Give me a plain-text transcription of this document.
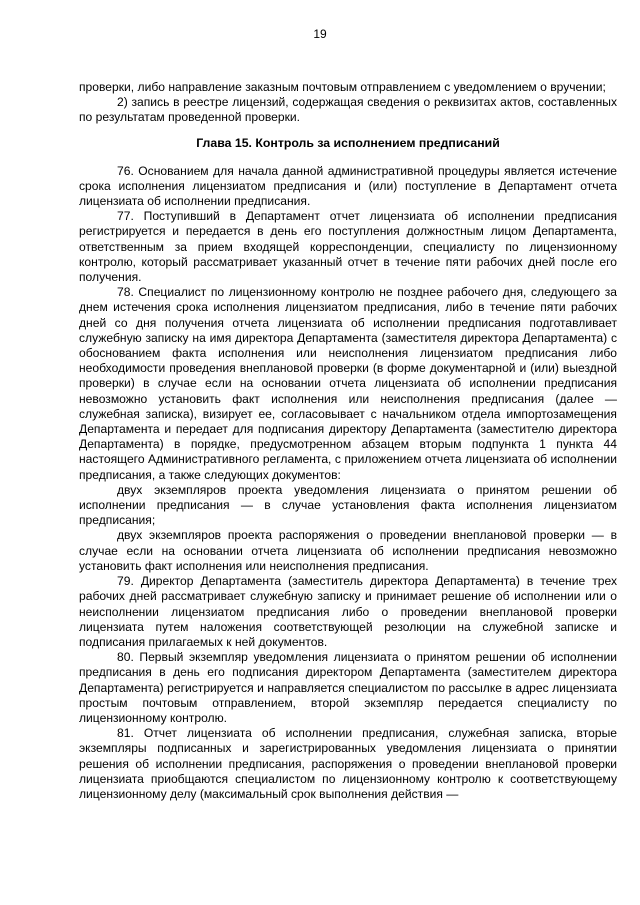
19

проверки, либо направление заказным почтовым отправлением с уведомлением о вручении;

2) запись в реестре лицензий, содержащая сведения о реквизитах актов, составленных по результатам проведенной проверки.

Глава 15. Контроль за исполнением предписаний

76. Основанием для начала данной административной процедуры является истечение срока исполнения лицензиатом предписания и (или) поступление в Департамент отчета лицензиата об исполнении предписания.

77. Поступивший в Департамент отчет лицензиата об исполнении предписания регистрируется и передается в день его поступления должностным лицом Департамента, ответственным за прием входящей корреспонденции, специалисту по лицензионному контролю, который рассматривает указанный отчет в течение пяти рабочих дней после его получения.

78. Специалист по лицензионному контролю не позднее рабочего дня, следующего за днем истечения срока исполнения лицензиатом предписания, либо в течение пяти рабочих дней со дня получения отчета лицензиата об исполнении предписания подготавливает служебную записку на имя директора Департамента (заместителя директора Департамента) с обоснованием факта исполнения или неисполнения лицензиатом предписания либо необходимости проведения внеплановой проверки (в форме документарной и (или) выездной проверки) в случае если на основании отчета лицензиата об исполнении предписания невозможно установить факт исполнения или неисполнения предписания (далее — служебная записка), визирует ее, согласовывает с начальником отдела импортозамещения Департамента и передает для подписания директору Департамента (заместителю директора Департамента) в порядке, предусмотренном абзацем вторым подпункта 1 пункта 44 настоящего Административного регламента, с приложением отчета лицензиата об исполнении предписания, а также следующих документов:

двух экземпляров проекта уведомления лицензиата о принятом решении об исполнении предписания — в случае установления факта исполнения лицензиатом предписания;

двух экземпляров проекта распоряжения о проведении внеплановой проверки — в случае если на основании отчета лицензиата об исполнении предписания невозможно установить факт исполнения или неисполнения предписания.

79. Директор Департамента (заместитель директора Департамента) в течение трех рабочих дней рассматривает служебную записку и принимает решение об исполнении или о неисполнении лицензиатом предписания либо о проведении внеплановой проверки лицензиата путем наложения соответствующей резолюции на служебной записке и подписания прилагаемых к ней документов.

80. Первый экземпляр уведомления лицензиата о принятом решении об исполнении предписания в день его подписания директором Департамента (заместителем директора Департамента) регистрируется и направляется специалистом по рассылке в адрес лицензиата простым почтовым отправлением, второй экземпляр передается специалисту по лицензионному контролю.

81. Отчет лицензиата об исполнении предписания, служебная записка, вторые экземпляры подписанных и зарегистрированных уведомления лицензиата о принятии решения об исполнении предписания, распоряжения о проведении внеплановой проверки лицензиата приобщаются специалистом по лицензионному контролю к соответствующему лицензионному делу (максимальный срок выполнения действия —
